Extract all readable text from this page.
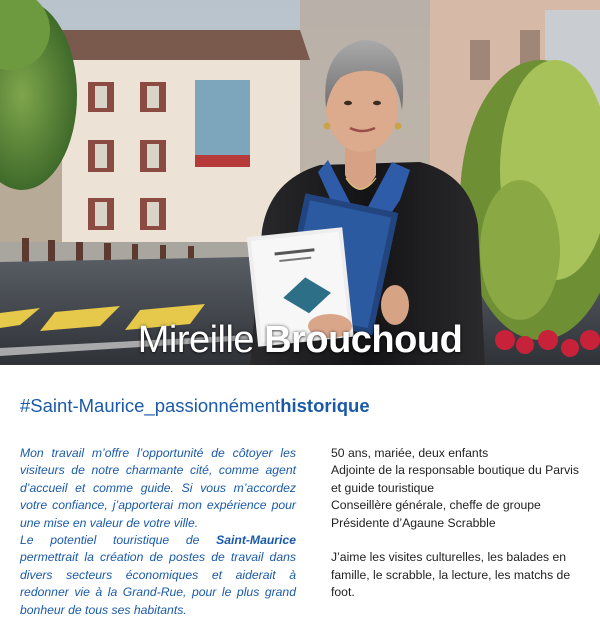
Mireille Brouchoud
#Saint-Maurice_passionnémenthistorique

Mon travail m’offre l’opportunité de côtoyer les visiteurs de notre charmante cité, comme agent d’accueil et comme guide. Si vous m’accordez votre confiance, j’apporterai mon expérience pour une mise en valeur de votre ville.

Le potentiel touristique de Saint-Maurice permettrait la création de postes de travail dans divers secteurs économiques et aiderait à redonner vie à la Grand-Rue, pour le plus grand bonheur de tous ses habitants.

50 ans, mariée, deux enfants
Adjointe de la responsable boutique du Parvis et guide touristique
Conseillère générale, cheffe de groupe
Présidente d’Agaune Scrabble
J’aime les visites culturelles, les balades en famille, le scrabble, la lecture, les matchs de foot.
